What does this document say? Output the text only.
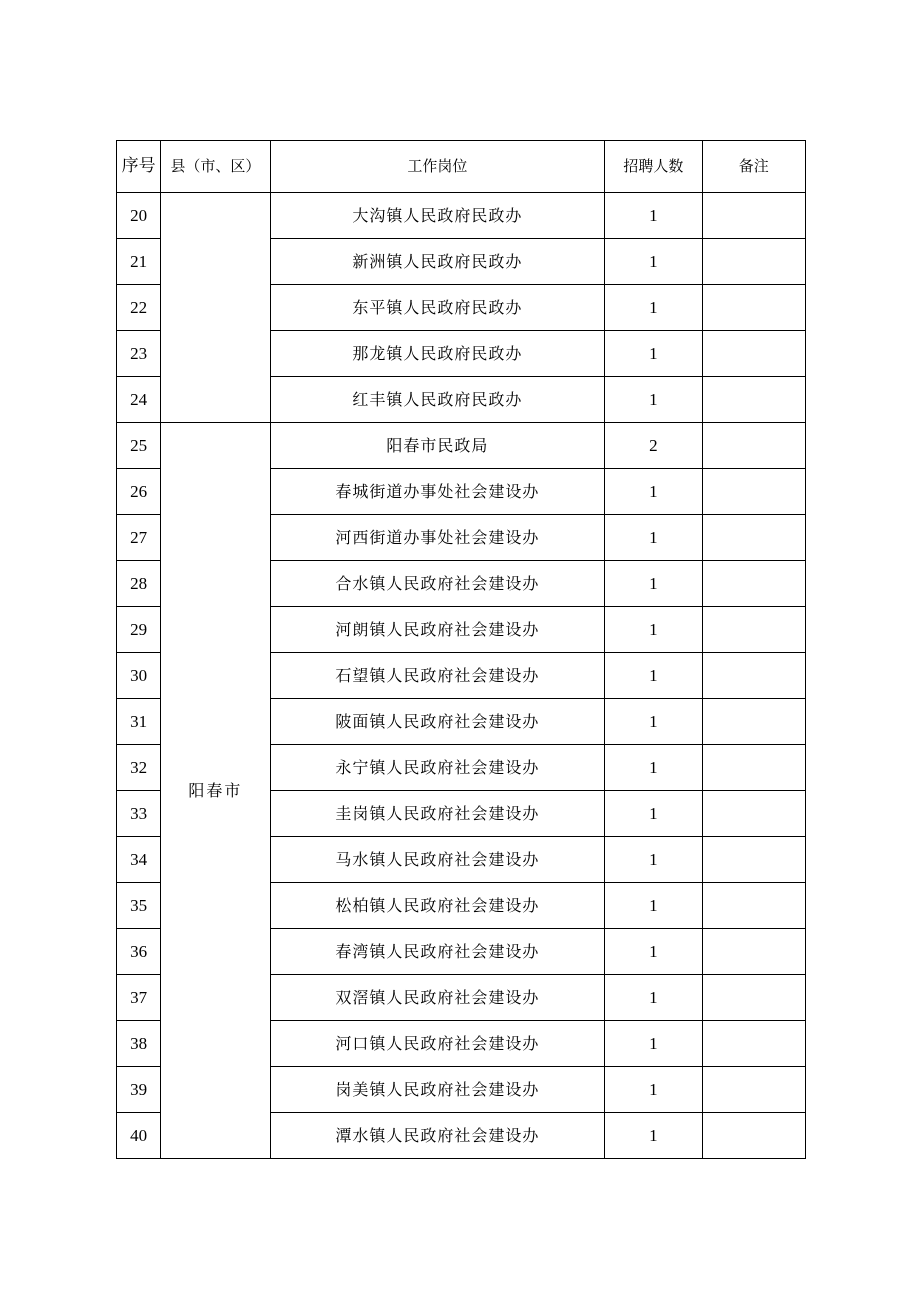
序号	县（市、区）	工作岗位	招聘人数	备注
20		大沟镇人民政府民政办	1	
21		新洲镇人民政府民政办	1	
22		东平镇人民政府民政办	1	
23		那龙镇人民政府民政办	1	
24		红丰镇人民政府民政办	1	
25	阳春市	阳春市民政局	2	
26		春城街道办事处社会建设办	1	
27		河西街道办事处社会建设办	1	
28		合水镇人民政府社会建设办	1	
29		河朗镇人民政府社会建设办	1	
30		石望镇人民政府社会建设办	1	
31		陂面镇人民政府社会建设办	1	
32		永宁镇人民政府社会建设办	1	
33		圭岗镇人民政府社会建设办	1	
34		马水镇人民政府社会建设办	1	
35		松柏镇人民政府社会建设办	1	
36		春湾镇人民政府社会建设办	1	
37		双滘镇人民政府社会建设办	1	
38		河口镇人民政府社会建设办	1	
39		岗美镇人民政府社会建设办	1	
40		潭水镇人民政府社会建设办	1	
